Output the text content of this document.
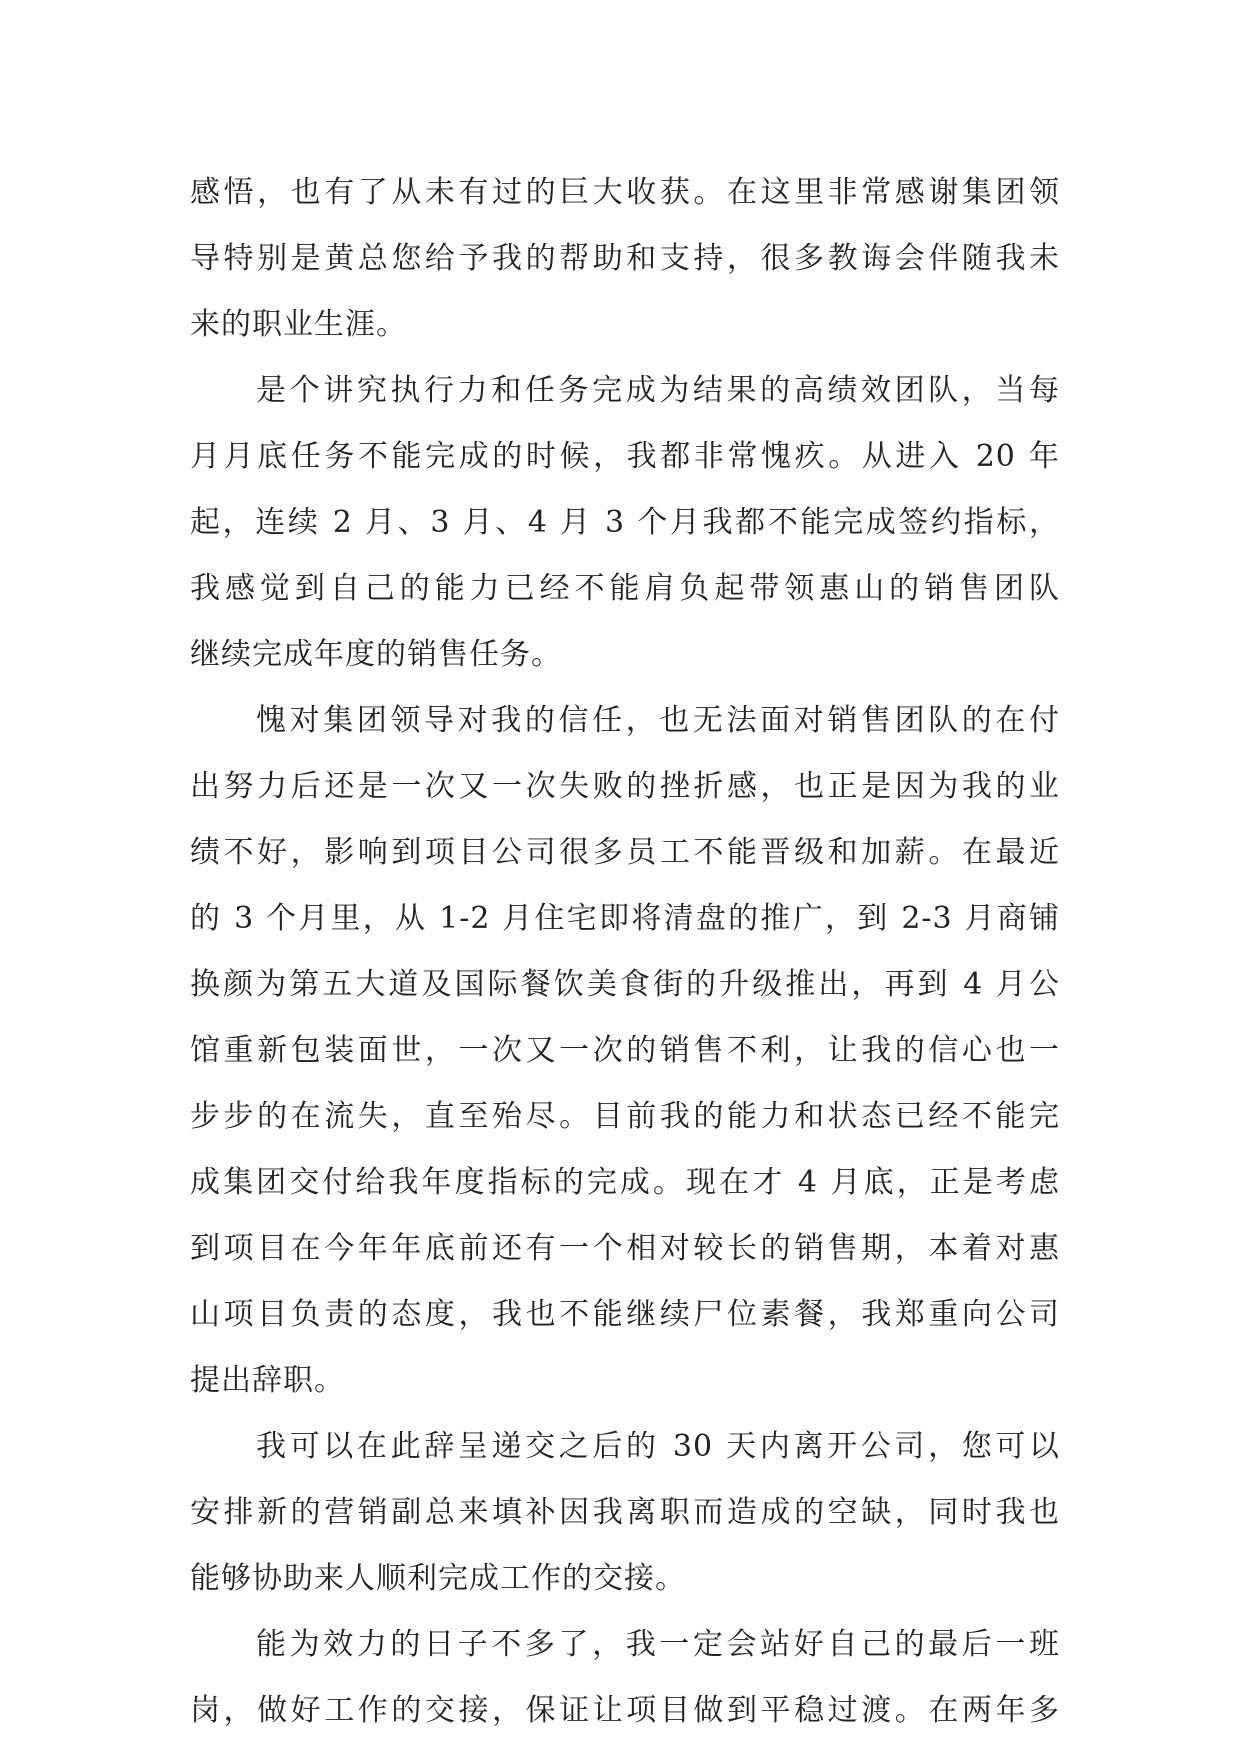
感悟，也有了从未有过的巨大收获。在这里非常感谢集团领
导特别是黄总您给予我的帮助和支持，很多教诲会伴随我未
来的职业生涯。
是个讲究执行力和任务完成为结果的高绩效团队，当每
月月底任务不能完成的时候，我都非常愧疚。从进入 20 年
起，连续 2 月、3 月、4 月 3 个月我都不能完成签约指标，
我感觉到自己的能力已经不能肩负起带领惠山的销售团队
继续完成年度的销售任务。
愧对集团领导对我的信任，也无法面对销售团队的在付
出努力后还是一次又一次失败的挫折感，也正是因为我的业
绩不好，影响到项目公司很多员工不能晋级和加薪。在最近
的 3 个月里，从 1-2 月住宅即将清盘的推广，到 2-3 月商铺
换颜为第五大道及国际餐饮美食街的升级推出，再到 4 月公
馆重新包装面世，一次又一次的销售不利，让我的信心也一
步步的在流失，直至殆尽。目前我的能力和状态已经不能完
成集团交付给我年度指标的完成。现在才 4 月底，正是考虑
到项目在今年年底前还有一个相对较长的销售期，本着对惠
山项目负责的态度，我也不能继续尸位素餐，我郑重向公司
提出辞职。
我可以在此辞呈递交之后的 30 天内离开公司，您可以
安排新的营销副总来填补因我离职而造成的空缺，同时我也
能够协助来人顺利完成工作的交接。
能为效力的日子不多了，我一定会站好自己的最后一班
岗，做好工作的交接，保证让项目做到平稳过渡。在两年多
